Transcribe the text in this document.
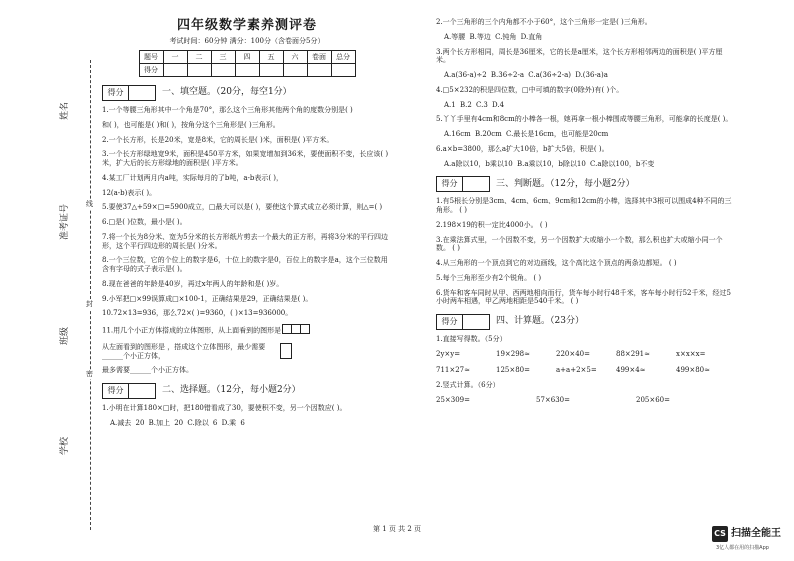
姓名
准考证号
班级
学校
线
封
密
四年级数学素养测评卷
考试时间：60分钟 满分：100分（含卷面分5分）
题号	一	二	三	四	五	六	卷面	总分
得分								
得分	一、填空题。（20分，每空1分）
1.一个等腰三角形其中一个角是70°，那么这个三角形其他两个角的度数分别是( )
和( )，也可能是( )和( )，按角分这个三角形是( )三角形。
2.一个长方形，长是20米，宽是8米，它的周长是( )米，面积是( )平方米。
3.一个长方形绿地宽9米，面积是450平方米，如果宽增加到36米，要使面积不变，长应该( )米，扩大后的长方形绿地的面积是( )平方米。
4.某工厂计划两月内a吨，实际每月的了b吨，a-b表示( )，
12(a-b)表示( )。
5.要使37△+59×□=5900成立，□最大可以是( )，要使这个算式成立必须计算，则△=( )
6.□是( )位数，最小是( )。
7.将一个长为8分米、宽为5分米的长方形纸片剪去一个最大的正方形，再将3分米的平行四边形，这个平行四边形的周长是( )分米。
8.一个三位数，它的个位上的数字是6，十位上的数字是0，百位上的数字是a，这个三位数用含有字母的式子表示是( )。
8.现在爸爸的年龄是40岁，再过x年两人的年龄和是( )岁。
9.小军把□×99误算成□×100-1，正确结果是29，正确结果是( )。
10.72×13=936，那么72×( )=9360，( )×13=936000。
11.用几个小正方体搭成的立体图形，从上面看到的图形是
从左面看到的图形是 ，搭成这个立体图形，最少需要______个小正方体，
最多需要______个小正方体。
得分	二、选择题。（12分，每小题2分）
1.小明在计算180×□时，把180错看成了30，要使积不变，另一个因数应( )。
A.减去 20 B.加上 20 C.除以 6 D.乘 6
2.一个三角形的三个内角都不小于60°，这个三角形一定是( )三角形。
A.等腰 B.等边 C.钝角 D.直角
3.两个长方形相同，周长是36厘米，它的长是a厘米，这个长方形相邻两边的面积是( )平方厘米。
A.a(36-a)÷2 B.36÷2-a C.a(36÷2-a) D.(36-a)a
4.□5×232的积是四位数，□中可填的数字(0除外)有( )个。
A.1 B.2 C.3 D.4
5.丫丫手里有4cm和8cm的小棒各一根，她再拿一根小棒围成等腰三角形，可能拿的长度是( )。
A.16cm B.20cm C.最长是16cm，也可能是20cm
6.a×b=3800，那么a扩大10倍，b扩大5倍，积是( )。
A.a除以10，b乘以10 B.a乘以10，b除以10 C.a除以100，b不变
得分	三、判断题。（12分，每小题2分）
1.有5根长分别是3cm、4cm、6cm、9cm和12cm的小棒，选择其中3根可以围成4种不同的三角形。 ( )
2.198×19的积一定比4000小。 ( )
3.在乘法算式里，一个因数不变，另一个因数扩大或缩小一个数，那么积也扩大或缩小同一个数。 ( )
4.从三角形的一个顶点到它的对边画线，这个高比这个顶点的两条边都短。 ( )
5.每个三角形至少有2个锐角。 ( )
6.货车和客车同时从甲、西两地相向而行，货车每小时行48千米，客车每小时行52千米，经过5小时两车相遇，甲乙两地相距是540千米。 ( )
得分	四、计算题。（23分）
1.直接写得数。（5分）
2y×y=	19×298≈	220×40=	88×291≈	x×x×x=
711×27≈	125×80=	a+a+2×5=	499×4≈	499×80≈
2.竖式计算。（6分）
25×309=	57×630=	205×60=
第 1 页 共 2 页	CS 扫描全能王
3亿人都在用的扫描App
